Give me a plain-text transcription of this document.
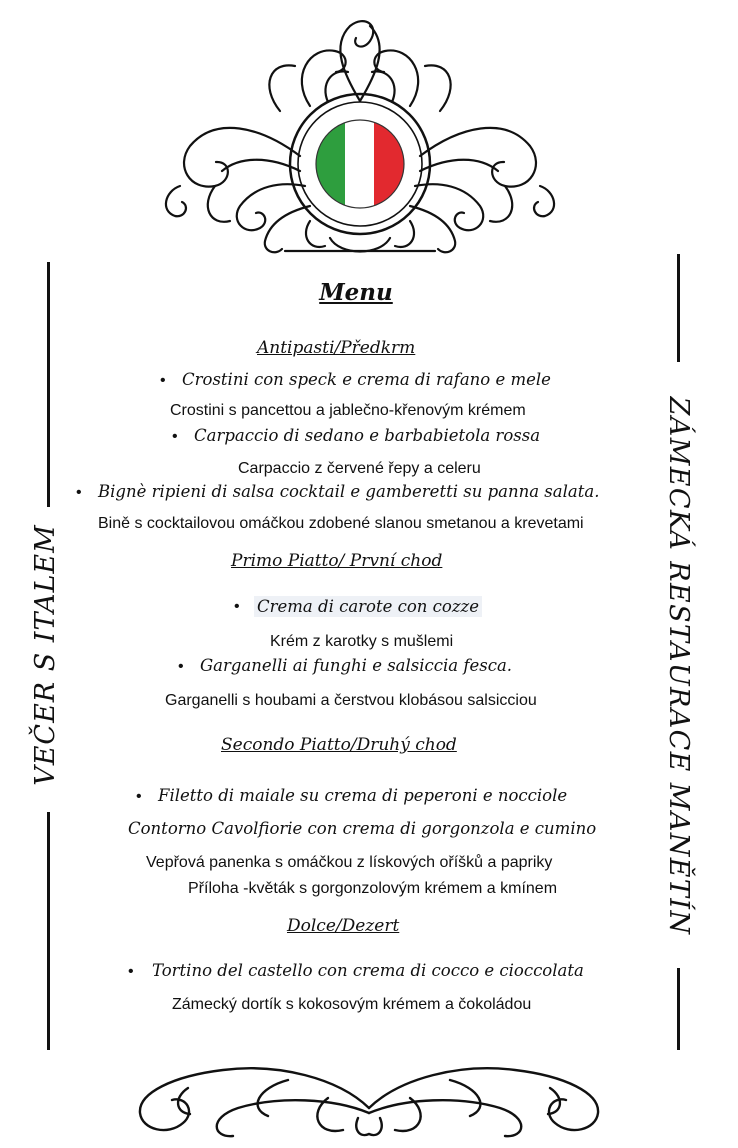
VEČER S ITALEM	ZÁMECKÁ RESTAURACE MANĚTÍN
Menu
Antipasti/Předkrm
• Crostini con speck e crema di rafano e mele
Crostini s pancettou a jablečno-křenovým krémem
• Carpaccio di sedano e barbabietola rossa
Carpaccio z červené řepy a celeru
• Bignè ripieni di salsa cocktail e gamberetti su panna salata.
Bině s cocktailovou omáčkou zdobené slanou smetanou a krevetami
Primo Piatto/ První chod
• Crema di carote con cozze
Krém z karotky s mušlemi
• Garganelli ai funghi e salsiccia fesca.
Garganelli s houbami a čerstvou klobásou salsicciou
Secondo Piatto/Druhý chod
• Filetto di maiale su crema di peperoni e nocciole
Contorno Cavolfiorie con crema di gorgonzola e cumino
Vepřová panenka s omáčkou z lískových oříšků a papriky
Příloha -květák s gorgonzolovým krémem a kmínem
Dolce/Dezert
• Tortino del castello con crema di cocco e cioccolata
Zámecký dortík s kokosovým krémem a čokoládou
